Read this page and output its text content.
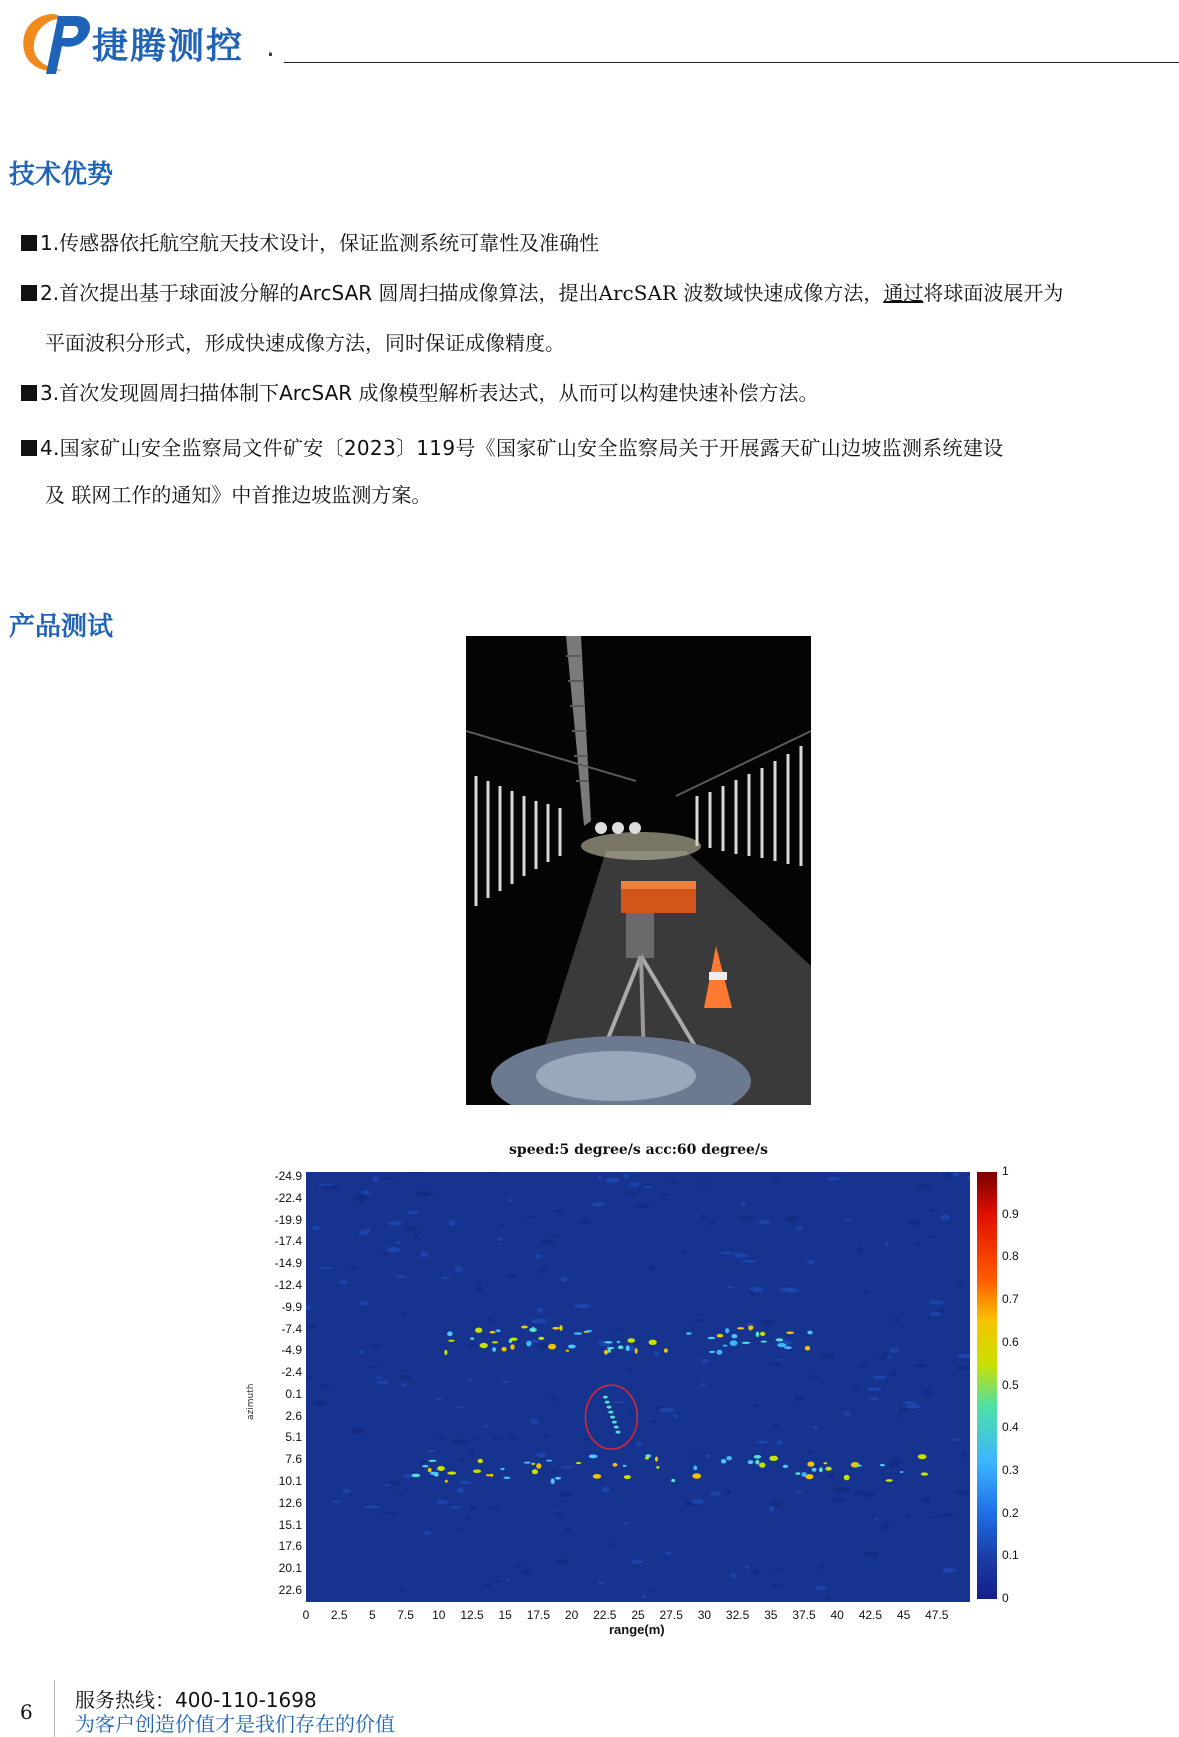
捷腾测控 .
技术优势
1.传感器依托航空航天技术设计，保证监测系统可靠性及准确性
2.首次提出基于球面波分解的ArcSAR 圆周扫描成像算法，提出ArcSAR 波数域快速成像方法，通过将球面波展开为
平面波积分形式，形成快速成像方法，同时保证成像精度。
3.首次发现圆周扫描体制下ArcSAR 成像模型解析表达式，从而可以构建快速补偿方法。
4.国家矿山安全监察局文件矿安〔2023〕119号《国家矿山安全监察局关于开展露天矿山边坡监测系统建设
及 联网工作的通知》中首推边坡监测方案。
产品测试
speed:5 degree/s acc:60 degree/s
-24.9
-22.4
-19.9
-17.4
-14.9
-12.4
-9.9
-7.4
-4.9
-2.4
0.1
2.6
5.1
7.6
10.1
12.6
15.1
17.6
20.1
22.6
0 2.5 5 7.5 10 12.5 15 17.5 20 22.5 25 27.5 30 32.5 35 37.5 40 42.5 45 47.5
1
0.9
0.8
0.7
0.6
0.5
0.4
0.3
0.2
0.1
0
range(m)
azimuth
6 服务热线：400-110-1698
为客户创造价值才是我们存在的价值
